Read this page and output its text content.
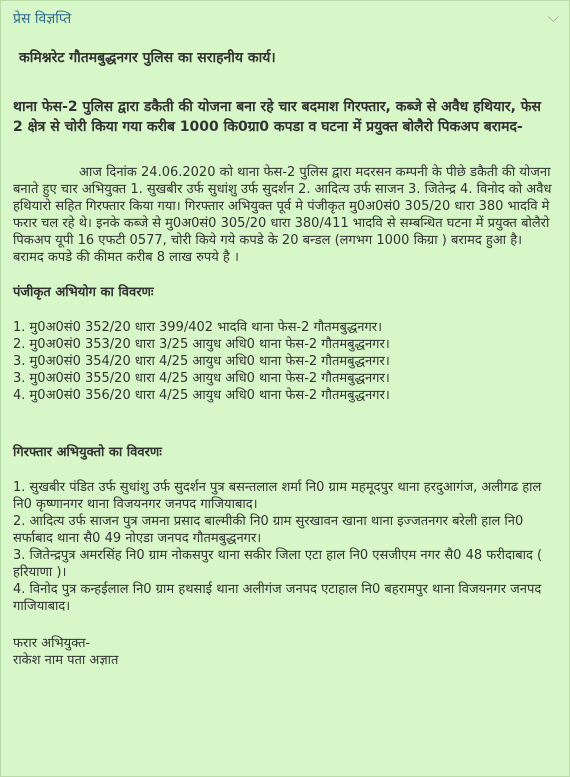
प्रेस विज्ञप्ति	⌵

कमिश्नरेट गौतमबुद्धनगर पुलिस का सराहनीय कार्य।

थाना फेस-2 पुलिस द्वारा डकैती की योजना बना रहे चार बदमाश गिरफ्तार, कब्जे से अवैध हथियार, फेस 2 क्षेत्र से चोरी किया गया करीब 1000 कि0ग्रा0 कपडा व घटना में प्रयुक्त बोलैरो पिकअप बरामद-

आज दिनांक 24.06.2020 को थाना फेस-2 पुलिस द्वारा मदरसन कम्पनी के पीछे डकैती की योजना बनाते हुए चार अभियुक्त 1. सुखबीर उर्फ सुधांशु उर्फ सुदर्शन 2. आदित्य उर्फ साजन 3. जितेन्द्र 4. विनोद को अवैध हथियारो सहित गिरफ्तार किया गया। गिरफ्तार अभियुक्त पूर्व मे पंजीकृत मु0अ0सं0 305/20 धारा 380 भादवि मे फरार चल रहे थे। इनके कब्जे से मु0अ0सं0 305/20 धारा 380/411 भादवि से सम्बन्धित घटना में प्रयुक्त बोलैरो पिकअप यूपी 16 एफटी 0577, चोरी किये गये कपडे के 20 बन्डल (लगभग 1000 किग्रा ) बरामद हुआ है। बरामद कपडे की कीमत करीब 8 लाख रुपये है ।

पंजीकृत अभियोग का विवरणः

1. मु0अ0सं0 352/20 धारा 399/402 भादवि थाना फेस-2 गौतमबुद्धनगर।

2. मु0अ0सं0 353/20 धारा 3/25 आयुध अधि0 थाना फेस-2 गौतमबुद्धनगर।

3. मु0अ0सं0 354/20 धारा 4/25 आयुध अधि0 थाना फेस-2 गौतमबुद्धनगर।

3. मु0अ0सं0 355/20 धारा 4/25 आयुध अधि0 थाना फेस-2 गौतमबुद्धनगर।

4. मु0अ0सं0 356/20 धारा 4/25 आयुध अधि0 थाना फेस-2 गौतमबुद्धनगर।

गिरफ्तार अभियुक्तो का विवरणः

1. सुखबीर पंडित उर्फ सुधांशु उर्फ सुदर्शन पुत्र बसन्तलाल शर्मा नि0 ग्राम महमूदपुर थाना हरदुआगंज, अलीगढ हाल नि0 कृष्णानगर थाना विजयनगर जनपद गाजियाबाद।

2. आदित्य उर्फ साजन पुत्र जमना प्रसाद बाल्मीकी नि0 ग्राम सुरखावन खाना थाना इज्जतनगर बरेली हाल नि0 सर्फाबाद थाना सै0 49 नोएडा जनपद गौतमबुद्धनगर।

3. जितेन्द्रपुत्र अमरसिंह नि0 ग्राम नोकसपुर थाना सकीर जिला एटा हाल नि0 एसजीएम नगर सै0 48 फरीदाबाद ( हरियाणा )।

4. विनोद पुत्र कन्हईलाल नि0 ग्राम हथसाई थाना अलीगंज जनपद एटाहाल नि0 बहरामपुर थाना विजयनगर जनपद गाजियाबाद।

फरार अभियुक्त-

राकेश नाम पता अज्ञात
